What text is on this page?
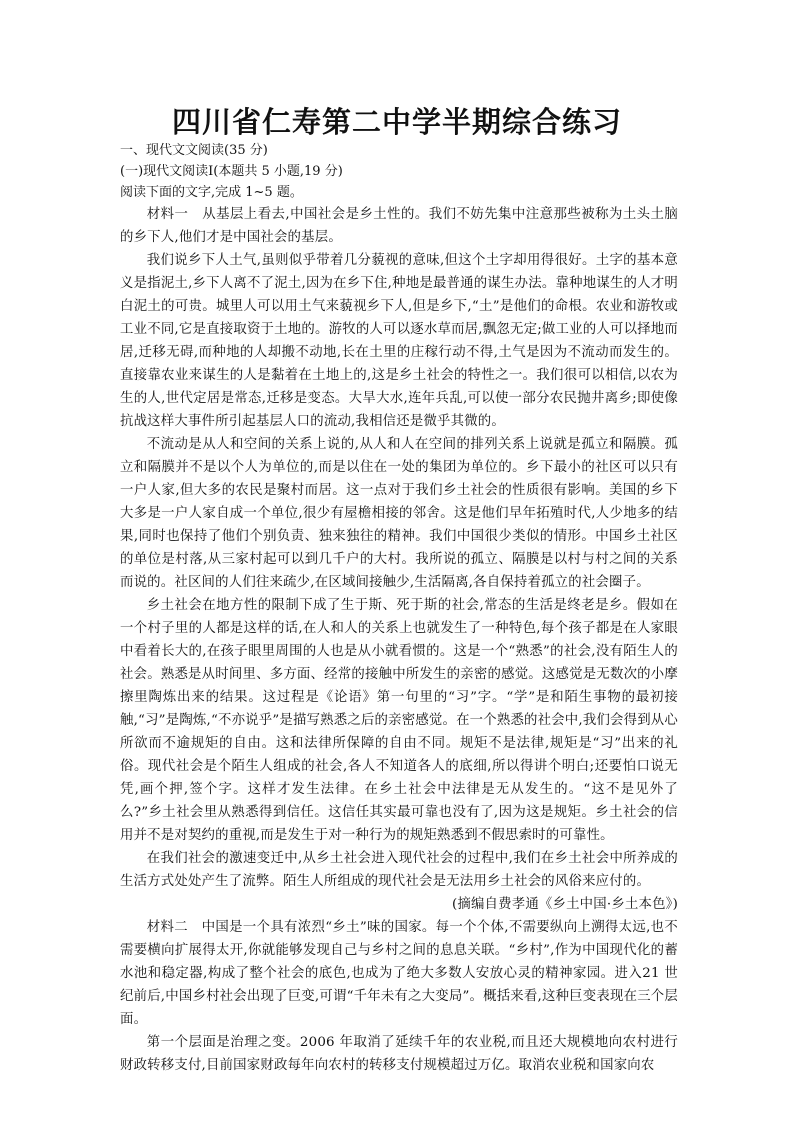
四川省仁寿第二中学半期综合练习

一、现代文文阅读(35 分)

(一)现代文阅读Ⅰ(本题共 5 小题,19 分)

阅读下面的文字,完成 1~5 题。

材料一　从基层上看去,中国社会是乡土性的。我们不妨先集中注意那些被称为土头土脑的乡下人,他们才是中国社会的基层。

我们说乡下人土气,虽则似乎带着几分藐视的意味,但这个土字却用得很好。土字的基本意义是指泥土,乡下人离不了泥土,因为在乡下住,种地是最普通的谋生办法。靠种地谋生的人才明白泥土的可贵。城里人可以用土气来藐视乡下人,但是乡下,“土”是他们的命根。农业和游牧或工业不同,它是直接取资于土地的。游牧的人可以逐水草而居,飘忽无定;做工业的人可以择地而居,迁移无碍,而种地的人却搬不动地,长在土里的庄稼行动不得,土气是因为不流动而发生的。直接靠农业来谋生的人是黏着在土地上的,这是乡土社会的特性之一。我们很可以相信,以农为生的人,世代定居是常态,迁移是变态。大旱大水,连年兵乱,可以使一部分农民抛井离乡;即使像抗战这样大事件所引起基层人口的流动,我相信还是微乎其微的。

不流动是从人和空间的关系上说的,从人和人在空间的排列关系上说就是孤立和隔膜。孤立和隔膜并不是以个人为单位的,而是以住在一处的集团为单位的。乡下最小的社区可以只有一户人家,但大多的农民是聚村而居。这一点对于我们乡土社会的性质很有影响。美国的乡下大多是一户人家自成一个单位,很少有屋檐相接的邻舍。这是他们早年拓殖时代,人少地多的结果,同时也保持了他们个别负责、独来独往的精神。我们中国很少类似的情形。中国乡土社区的单位是村落,从三家村起可以到几千户的大村。我所说的孤立、隔膜是以村与村之间的关系而说的。社区间的人们往来疏少,在区域间接触少,生活隔离,各自保持着孤立的社会圈子。

乡土社会在地方性的限制下成了生于斯、死于斯的社会,常态的生活是终老是乡。假如在一个村子里的人都是这样的话,在人和人的关系上也就发生了一种特色,每个孩子都是在人家眼中看着长大的,在孩子眼里周围的人也是从小就看惯的。这是一个“熟悉”的社会,没有陌生人的社会。熟悉是从时间里、多方面、经常的接触中所发生的亲密的感觉。这感觉是无数次的小摩擦里陶炼出来的结果。这过程是《论语》第一句里的“习”字。“学”是和陌生事物的最初接触,“习”是陶炼,“不亦说乎”是描写熟悉之后的亲密感觉。在一个熟悉的社会中,我们会得到从心所欲而不逾规矩的自由。这和法律所保障的自由不同。规矩不是法律,规矩是“习”出来的礼俗。现代社会是个陌生人组成的社会,各人不知道各人的底细,所以得讲个明白;还要怕口说无凭,画个押,签个字。这样才发生法律。在乡土社会中法律是无从发生的。“这不是见外了么?”乡土社会里从熟悉得到信任。这信任其实最可靠也没有了,因为这是规矩。乡土社会的信用并不是对契约的重视,而是发生于对一种行为的规矩熟悉到不假思索时的可靠性。

在我们社会的激速变迁中,从乡土社会进入现代社会的过程中,我们在乡土社会中所养成的生活方式处处产生了流弊。陌生人所组成的现代社会是无法用乡土社会的风俗来应付的。

(摘编自费孝通《乡土中国·乡土本色》)

材料二　中国是一个具有浓烈“乡土”味的国家。每一个个体,不需要纵向上溯得太远,也不需要横向扩展得太开,你就能够发现自己与乡村之间的息息关联。“乡村”,作为中国现代化的蓄水池和稳定器,构成了整个社会的底色,也成为了绝大多数人安放心灵的精神家园。进入21 世纪前后,中国乡村社会出现了巨变,可谓“千年未有之大变局”。概括来看,这种巨变表现在三个层面。

第一个层面是治理之变。2006 年取消了延续千年的农业税,而且还大规模地向农村进行财政转移支付,目前国家财政每年向农村的转移支付规模超过万亿。取消农业税和国家向农
